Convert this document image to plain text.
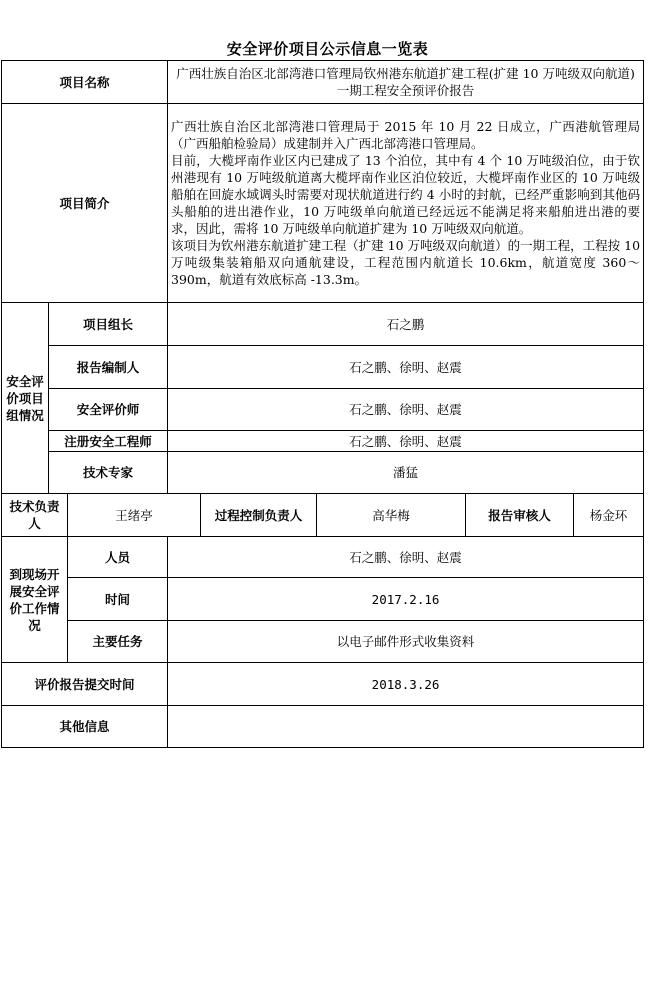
安全评价项目公示信息一览表
项目名称			广西壮族自治区北部湾港口管理局钦州港东航道扩建工程(扩建 10 万吨级双向航道)一期工程安全预评价报告				
项目简介			广西壮族自治区北部湾港口管理局于 2015 年 10 月 22 日成立，广西港航管理局（广西船舶检验局）成建制并入广西北部湾港口管理局。

目前，大榄坪南作业区内已建成了 13 个泊位，其中有 4 个 10 万吨级泊位，由于钦州港现有 10 万吨级航道离大榄坪南作业区泊位较近，大榄坪南作业区的 10 万吨级船舶在回旋水域调头时需要对现状航道进行约 4 小时的封航，已经严重影响到其他码头船舶的进出港作业，10 万吨级单向航道已经远远不能满足将来船舶进出港的要求，因此，需将 10 万吨级单向航道扩建为 10 万吨级双向航道。

该项目为钦州港东航道扩建工程（扩建 10 万吨级双向航道）的一期工程，工程按 10 万吨级集装箱船双向通航建设，工程范围内航道长 10.6km，航道宽度 360～390m，航道有效底标高 -13.3m。				

安全评价项目组情况	项目组长		石之鹏				
	报告编制人		石之鹏、徐明、赵震				
	安全评价师		石之鹏、徐明、赵震				
	注册安全工程师		石之鹏、徐明、赵震				
	技术专家		潘猛				
技术负责人		王绪亭		过程控制负责人	高华梅	报告审核人	杨金环
到现场开展安全评价工作情况		人员	石之鹏、徐明、赵震				
		时间	2017.2.16				
		主要任务	以电子邮件形式收集资料				
评价报告提交时间			2018.3.26				
其他信息							
